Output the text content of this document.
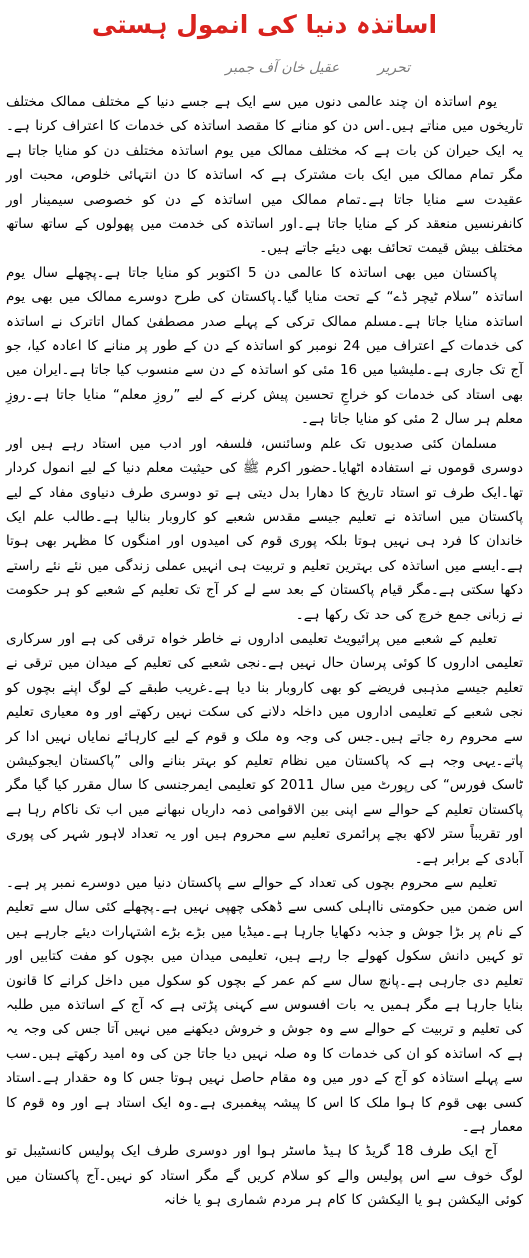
اساتذہ دنیا کی انمول ہستی
تحریر عقیل خان آف جمبر

یوم اساتذہ ان چند عالمی دنوں میں سے ایک ہے جسے دنیا کے مختلف ممالک مختلف تاریخوں میں مناتے ہیں۔اس دن کو منانے کا مقصد اساتذہ کی خدمات کا اعتراف کرنا ہے۔یہ ایک حیران کن بات ہے کہ مختلف ممالک میں یوم اساتذہ مختلف دن کو منایا جاتا ہے مگر تمام ممالک میں ایک بات مشترک ہے کہ اساتذہ کا دن انتہائی خلوص، محبت اور عقیدت سے منایا جاتا ہے۔تمام ممالک میں اساتذہ کے دن کو خصوصی سیمینار اور کانفرنسیں منعقد کر کے منایا جاتا ہے۔اور اساتذہ کی خدمت میں پھولوں کے ساتھ ساتھ مختلف بیش قیمت تحائف بھی دیئے جاتے ہیں۔

پاکستان میں بھی اساتذہ کا عالمی دن 5 اکتوبر کو منایا جاتا ہے۔پچھلے سال یوم اساتذہ ”سلام ٹیچر ڈے“ کے تحت منایا گیا۔پاکستان کی طرح دوسرے ممالک میں بھی یوم اساتذہ منایا جاتا ہے۔مسلم ممالک ترکی کے پہلے صدر مصطفیٰ کمال اتاترک نے اساتذہ کی خدمات کے اعتراف میں 24 نومبر کو اساتذہ کے دن کے طور پر منانے کا اعادہ کیا، جو آج تک جاری ہے۔ملیشیا میں 16 مئی کو اساتذہ کے دن سے منسوب کیا جاتا ہے۔ایران میں بھی استاد کی خدمات کو خراجِ تحسین پیش کرنے کے لیے ”روزِ معلم“ منایا جاتا ہے۔روزِ معلم ہر سال 2 مئی کو منایا جاتا ہے۔

مسلمان کئی صدیوں تک علم وسائنس، فلسفہ اور ادب میں استاد رہے ہیں اور دوسری قوموں نے استفادہ اٹھایا۔حضور اکرم ﷺ کی حیثیت معلم دنیا کے لیے انمول کردار تھا۔ایک طرف تو استاد تاریخ کا دھارا بدل دیتی ہے تو دوسری طرف دنیاوی مفاد کے لیے پاکستان میں اساتذہ نے تعلیم جیسے مقدس شعبے کو کاروبار بنالیا ہے۔طالب علم ایک خاندان کا فرد ہی نہیں ہوتا بلکہ پوری قوم کی امیدوں اور امنگوں کا مظہر بھی ہوتا ہے۔ایسے میں اساتذہ کی بہترین تعلیم و تربیت ہی انہیں عملی زندگی میں نئے نئے راستے دکھا سکتی ہے۔مگر قیام پاکستان کے بعد سے لے کر آج تک تعلیم کے شعبے کو ہر حکومت نے زبانی جمع خرچ کی حد تک رکھا ہے۔

تعلیم کے شعبے میں پرائیویٹ تعلیمی اداروں نے خاطر خواہ ترقی کی ہے اور سرکاری تعلیمی اداروں کا کوئی پرسان حال نہیں ہے۔نجی شعبے کی تعلیم کے میدان میں ترقی نے تعلیم جیسے مذہبی فریضے کو بھی کاروبار بنا دیا ہے۔غریب طبقے کے لوگ اپنے بچوں کو نجی شعبے کے تعلیمی اداروں میں داخلہ دلانے کی سکت نہیں رکھتے اور وہ معیاری تعلیم سے محروم رہ جاتے ہیں۔جس کی وجہ وہ ملک و قوم کے لیے کارہائے نمایاں نہیں ادا کر پاتے۔یہی وجہ ہے کہ پاکستان میں نظام تعلیم کو بہتر بنانے والی ”پاکستان ایجوکیشن ٹاسک فورس“ کی رپورٹ میں سال 2011 کو تعلیمی ایمرجنسی کا سال مقرر کیا گیا مگر پاکستان تعلیم کے حوالے سے اپنی بین الاقوامی ذمہ داریاں نبھانے میں اب تک ناکام رہا ہے اور تقریباً ستر لاکھ بچے پرائمری تعلیم سے محروم ہیں اور یہ تعداد لاہور شہر کی پوری آبادی کے برابر ہے۔

تعلیم سے محروم بچوں کی تعداد کے حوالے سے پاکستان دنیا میں دوسرے نمبر پر ہے۔اس ضمن میں حکومتی نااہلی کسی سے ڈھکی چھپی نہیں ہے۔پچھلے کئی سال سے تعلیم کے نام پر بڑا جوش و جذبہ دکھایا جارہا ہے۔میڈیا میں بڑے بڑے اشتہارات دیئے جارہے ہیں تو کہیں دانش سکول کھولے جا رہے ہیں، تعلیمی میدان میں بچوں کو مفت کتابیں اور تعلیم دی جارہی ہے۔پانچ سال سے کم عمر کے بچوں کو سکول میں داخل کرانے کا قانون بنایا جارہا ہے مگر ہمیں یہ بات افسوس سے کہنی پڑتی ہے کہ آج کے اساتذہ میں طلبہ کی تعلیم و تربیت کے حوالے سے وہ جوش و خروش دیکھنے میں نہیں آتا جس کی وجہ یہ ہے کہ اساتذہ کو ان کی خدمات کا وہ صلہ نہیں دیا جاتا جن کی وہ امید رکھتے ہیں۔سب سے پہلے استاذہ کو آج کے دور میں وہ مقام حاصل نہیں ہوتا جس کا وہ حقدار ہے۔استاد کسی بھی قوم کا ہوا ملک کا اس کا پیشہ پیغمبری ہے۔وہ ایک استاد ہے اور وہ قوم کا معمار ہے۔

آج ایک طرف 18 گریڈ کا ہیڈ ماسٹر ہوا اور دوسری طرف ایک پولیس کانسٹیبل تو لوگ خوف سے اس پولیس والے کو سلام کریں گے مگر استاد کو نہیں۔آج پاکستان میں کوئی الیکشن ہو یا الیکشن کا کام ہر مردم شماری ہو یا خانہ
